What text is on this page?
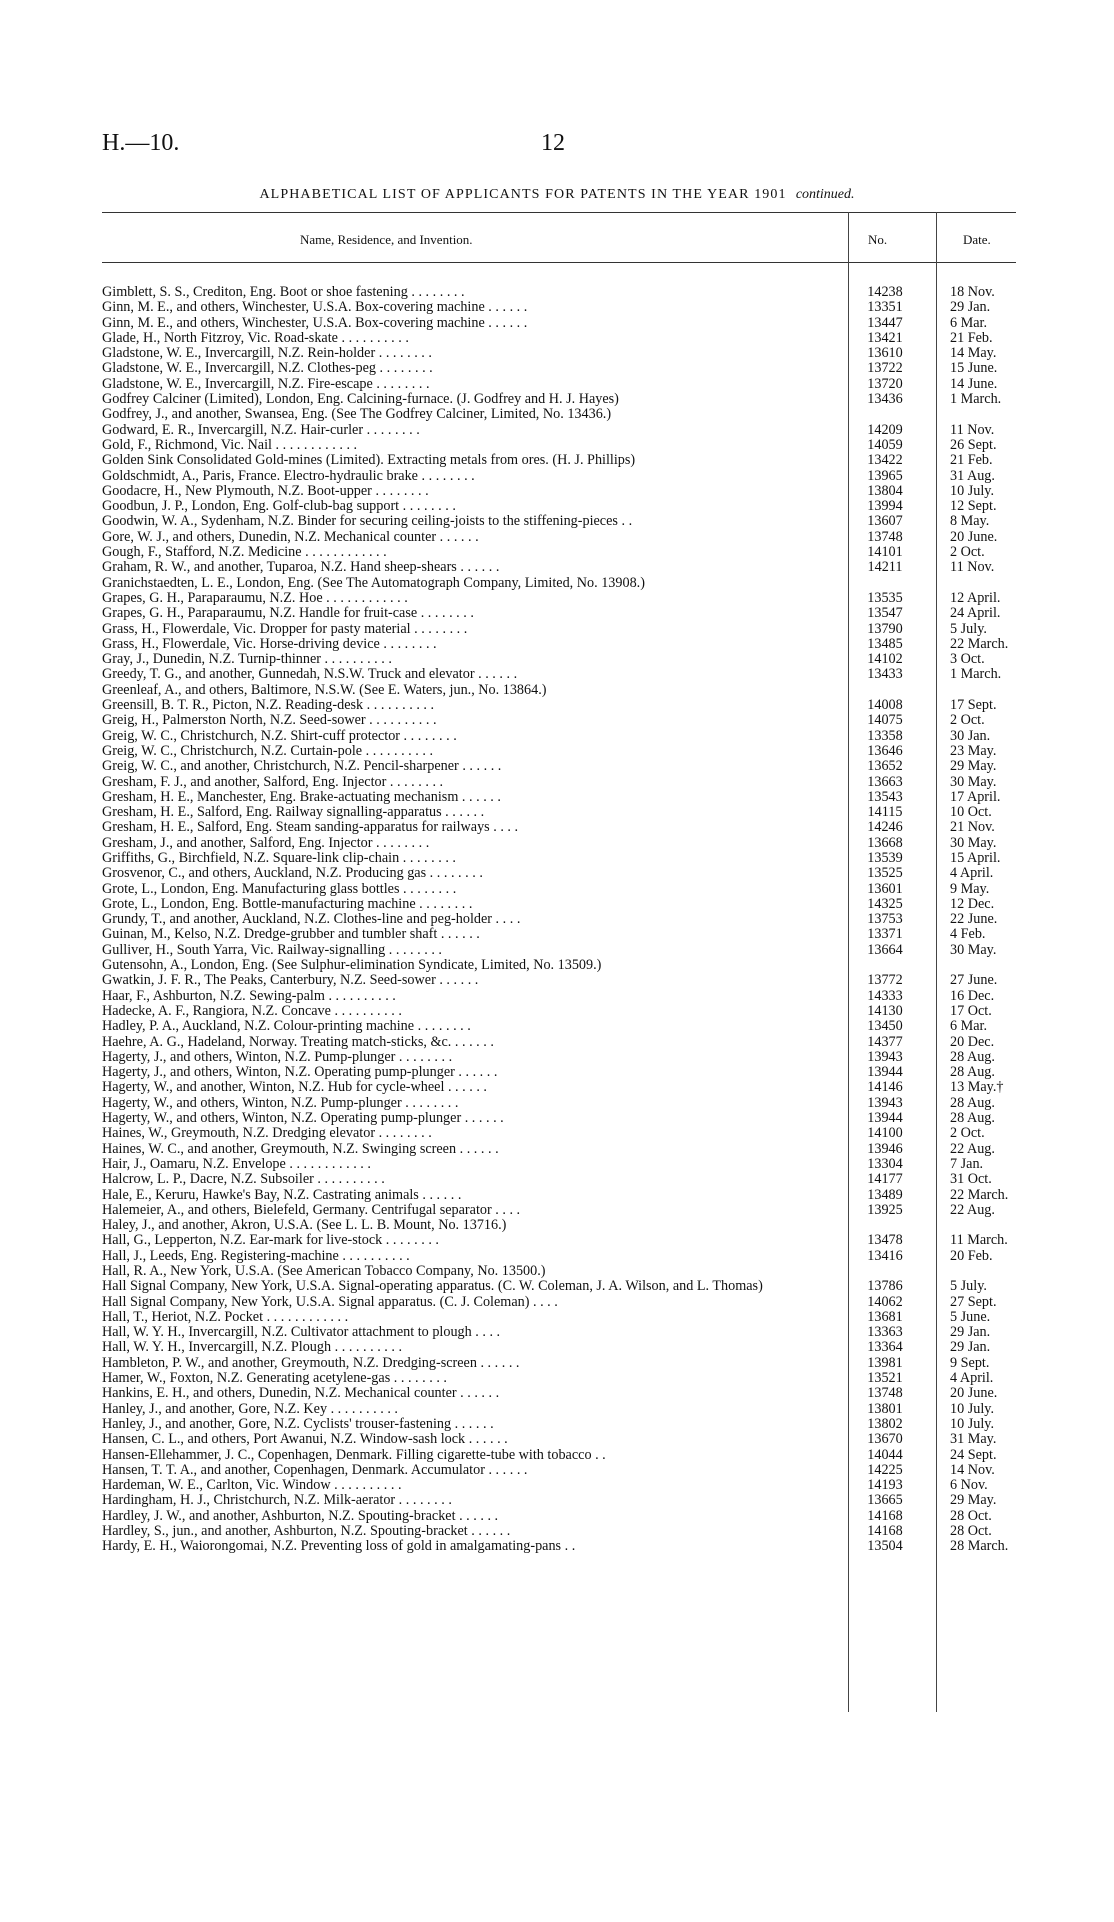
H.—10.	12
ALPHABETICAL LIST OF APPLICANTS FOR PATENTS IN THE YEAR 1901 continued.
Name, Residence, and Invention.	No.	Date.
Gimblett, S. S., Crediton, Eng. Boot or shoe fastening . . . . . . . .	14238	18 Nov.
Ginn, M. E., and others, Winchester, U.S.A. Box-covering machine . . . . . .	13351	29 Jan.
Ginn, M. E., and others, Winchester, U.S.A. Box-covering machine . . . . . .	13447	6 Mar.
Glade, H., North Fitzroy, Vic. Road-skate . . . . . . . . . .	13421	21 Feb.
Gladstone, W. E., Invercargill, N.Z. Rein-holder . . . . . . . .	13610	14 May.
Gladstone, W. E., Invercargill, N.Z. Clothes-peg . . . . . . . .	13722	15 June.
Gladstone, W. E., Invercargill, N.Z. Fire-escape . . . . . . . .	13720	14 June.
Godfrey Calciner (Limited), London, Eng. Calcining-furnace. (J. Godfrey and H. J. Hayes)	13436	1 March.
Godfrey, J., and another, Swansea, Eng. (See The Godfrey Calciner, Limited, No. 13436.)
Godward, E. R., Invercargill, N.Z. Hair-curler . . . . . . . .	14209	11 Nov.
Gold, F., Richmond, Vic. Nail . . . . . . . . . . . .	14059	26 Sept.
Golden Sink Consolidated Gold-mines (Limited). Extracting metals from ores. (H. J. Phillips)	13422	21 Feb.
Goldschmidt, A., Paris, France. Electro-hydraulic brake . . . . . . . .	13965	31 Aug.
Goodacre, H., New Plymouth, N.Z. Boot-upper . . . . . . . .	13804	10 July.
Goodbun, J. P., London, Eng. Golf-club-bag support . . . . . . . .	13994	12 Sept.
Goodwin, W. A., Sydenham, N.Z. Binder for securing ceiling-joists to the stiffening-pieces . .	13607	8 May.
Gore, W. J., and others, Dunedin, N.Z. Mechanical counter . . . . . .	13748	20 June.
Gough, F., Stafford, N.Z. Medicine . . . . . . . . . . . .	14101	2 Oct.
Graham, R. W., and another, Tuparoa, N.Z. Hand sheep-shears . . . . . .	14211	11 Nov.
Granichstaedten, L. E., London, Eng. (See The Automatograph Company, Limited, No. 13908.)
Grapes, G. H., Paraparaumu, N.Z. Hoe . . . . . . . . . . . .	13535	12 April.
Grapes, G. H., Paraparaumu, N.Z. Handle for fruit-case . . . . . . . .	13547	24 April.
Grass, H., Flowerdale, Vic. Dropper for pasty material . . . . . . . .	13790	5 July.
Grass, H., Flowerdale, Vic. Horse-driving device . . . . . . . .	13485	22 March.
Gray, J., Dunedin, N.Z. Turnip-thinner . . . . . . . . . .	14102	3 Oct.
Greedy, T. G., and another, Gunnedah, N.S.W. Truck and elevator . . . . . .	13433	1 March.
Greenleaf, A., and others, Baltimore, N.S.W. (See E. Waters, jun., No. 13864.)
Greensill, B. T. R., Picton, N.Z. Reading-desk . . . . . . . . . .	14008	17 Sept.
Greig, H., Palmerston North, N.Z. Seed-sower . . . . . . . . . .	14075	2 Oct.
Greig, W. C., Christchurch, N.Z. Shirt-cuff protector . . . . . . . .	13358	30 Jan.
Greig, W. C., Christchurch, N.Z. Curtain-pole . . . . . . . . . .	13646	23 May.
Greig, W. C., and another, Christchurch, N.Z. Pencil-sharpener . . . . . .	13652	29 May.
Gresham, F. J., and another, Salford, Eng. Injector . . . . . . . .	13663	30 May.
Gresham, H. E., Manchester, Eng. Brake-actuating mechanism . . . . . .	13543	17 April.
Gresham, H. E., Salford, Eng. Railway signalling-apparatus . . . . . .	14115	10 Oct.
Gresham, H. E., Salford, Eng. Steam sanding-apparatus for railways . . . .	14246	21 Nov.
Gresham, J., and another, Salford, Eng. Injector . . . . . . . .	13668	30 May.
Griffiths, G., Birchfield, N.Z. Square-link clip-chain . . . . . . . .	13539	15 April.
Grosvenor, C., and others, Auckland, N.Z. Producing gas . . . . . . . .	13525	4 April.
Grote, L., London, Eng. Manufacturing glass bottles . . . . . . . .	13601	9 May.
Grote, L., London, Eng. Bottle-manufacturing machine . . . . . . . .	14325	12 Dec.
Grundy, T., and another, Auckland, N.Z. Clothes-line and peg-holder . . . .	13753	22 June.
Guinan, M., Kelso, N.Z. Dredge-grubber and tumbler shaft . . . . . .	13371	4 Feb.
Gulliver, H., South Yarra, Vic. Railway-signalling . . . . . . . .	13664	30 May.
Gutensohn, A., London, Eng. (See Sulphur-elimination Syndicate, Limited, No. 13509.)
Gwatkin, J. F. R., The Peaks, Canterbury, N.Z. Seed-sower . . . . . .	13772	27 June.
Haar, F., Ashburton, N.Z. Sewing-palm . . . . . . . . . .	14333	16 Dec.
Hadecke, A. F., Rangiora, N.Z. Concave . . . . . . . . . .	14130	17 Oct.
Hadley, P. A., Auckland, N.Z. Colour-printing machine . . . . . . . .	13450	6 Mar.
Haehre, A. G., Hadeland, Norway. Treating match-sticks, &c. . . . . . .	14377	20 Dec.
Hagerty, J., and others, Winton, N.Z. Pump-plunger . . . . . . . .	13943	28 Aug.
Hagerty, J., and others, Winton, N.Z. Operating pump-plunger . . . . . .	13944	28 Aug.
Hagerty, W., and another, Winton, N.Z. Hub for cycle-wheel . . . . . .	14146	13 May.†
Hagerty, W., and others, Winton, N.Z. Pump-plunger . . . . . . . .	13943	28 Aug.
Hagerty, W., and others, Winton, N.Z. Operating pump-plunger . . . . . .	13944	28 Aug.
Haines, W., Greymouth, N.Z. Dredging elevator . . . . . . . .	14100	2 Oct.
Haines, W. C., and another, Greymouth, N.Z. Swinging screen . . . . . .	13946	22 Aug.
Hair, J., Oamaru, N.Z. Envelope . . . . . . . . . . . .	13304	7 Jan.
Halcrow, L. P., Dacre, N.Z. Subsoiler . . . . . . . . . .	14177	31 Oct.
Hale, E., Keruru, Hawke's Bay, N.Z. Castrating animals . . . . . .	13489	22 March.
Halemeier, A., and others, Bielefeld, Germany. Centrifugal separator . . . .	13925	22 Aug.
Haley, J., and another, Akron, U.S.A. (See L. L. B. Mount, No. 13716.)
Hall, G., Lepperton, N.Z. Ear-mark for live-stock . . . . . . . .	13478	11 March.
Hall, J., Leeds, Eng. Registering-machine . . . . . . . . . .	13416	20 Feb.
Hall, R. A., New York, U.S.A. (See American Tobacco Company, No. 13500.)
Hall Signal Company, New York, U.S.A. Signal-operating apparatus. (C. W. Coleman, J. A. Wilson, and L. Thomas)	13786	5 July.
Hall Signal Company, New York, U.S.A. Signal apparatus. (C. J. Coleman) . . . .	14062	27 Sept.
Hall, T., Heriot, N.Z. Pocket . . . . . . . . . . . .	13681	5 June.
Hall, W. Y. H., Invercargill, N.Z. Cultivator attachment to plough . . . .	13363	29 Jan.
Hall, W. Y. H., Invercargill, N.Z. Plough . . . . . . . . . .	13364	29 Jan.
Hambleton, P. W., and another, Greymouth, N.Z. Dredging-screen . . . . . .	13981	9 Sept.
Hamer, W., Foxton, N.Z. Generating acetylene-gas . . . . . . . .	13521	4 April.
Hankins, E. H., and others, Dunedin, N.Z. Mechanical counter . . . . . .	13748	20 June.
Hanley, J., and another, Gore, N.Z. Key . . . . . . . . . .	13801	10 July.
Hanley, J., and another, Gore, N.Z. Cyclists' trouser-fastening . . . . . .	13802	10 July.
Hansen, C. L., and others, Port Awanui, N.Z. Window-sash lock . . . . . .	13670	31 May.
Hansen-Ellehammer, J. C., Copenhagen, Denmark. Filling cigarette-tube with tobacco . .	14044	24 Sept.
Hansen, T. T. A., and another, Copenhagen, Denmark. Accumulator . . . . . .	14225	14 Nov.
Hardeman, W. E., Carlton, Vic. Window . . . . . . . . . .	14193	6 Nov.
Hardingham, H. J., Christchurch, N.Z. Milk-aerator . . . . . . . .	13665	29 May.
Hardley, J. W., and another, Ashburton, N.Z. Spouting-bracket . . . . . .	14168	28 Oct.
Hardley, S., jun., and another, Ashburton, N.Z. Spouting-bracket . . . . . .	14168	28 Oct.
Hardy, E. H., Waiorongomai, N.Z. Preventing loss of gold in amalgamating-pans . .	13504	28 March.
